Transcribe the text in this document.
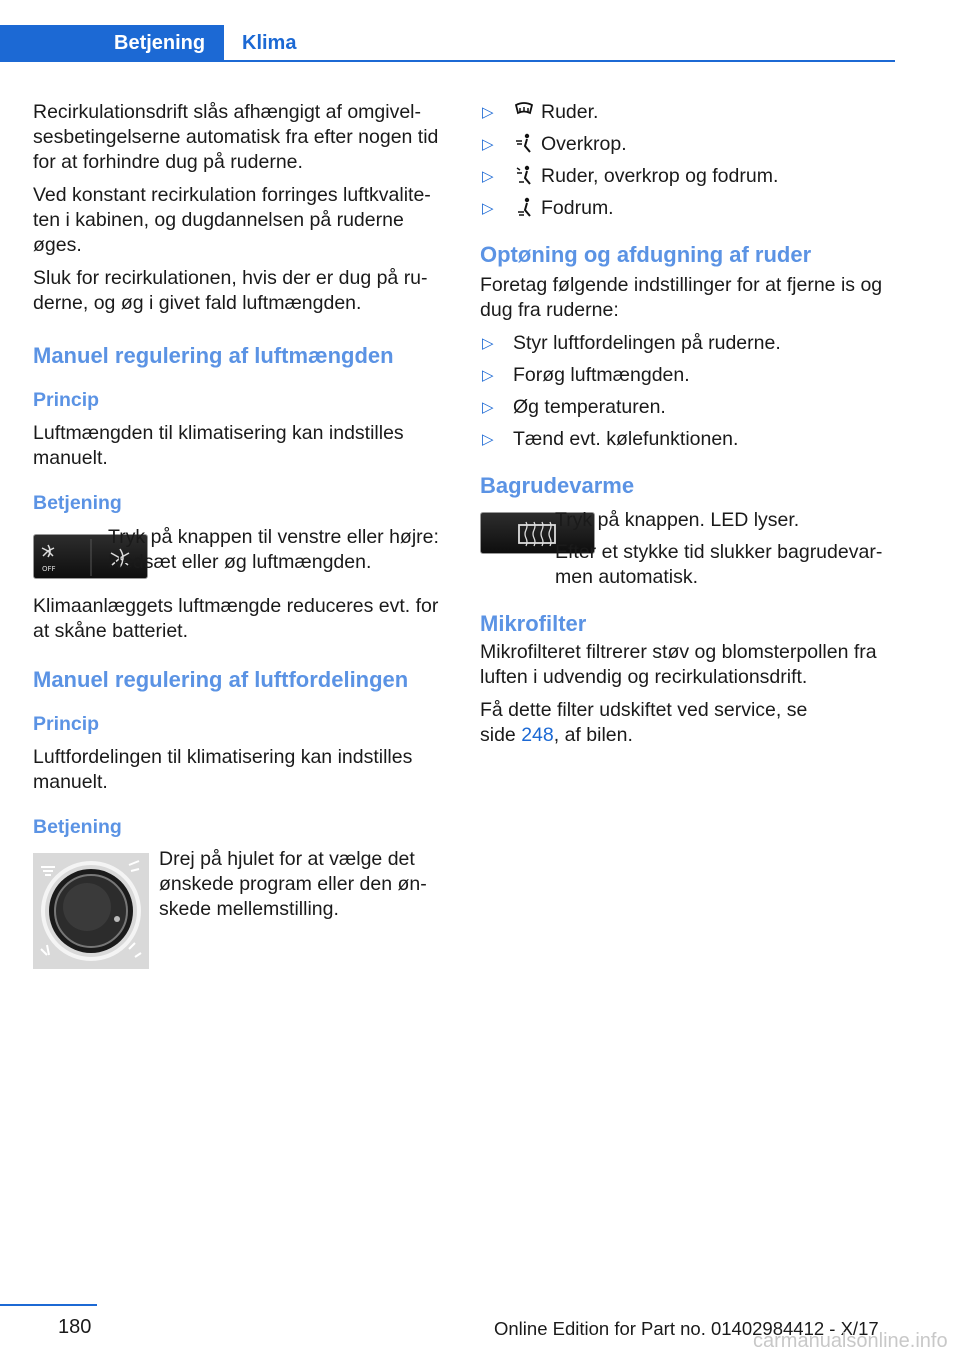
Betjening	Klima

Recirkulationsdrift slås afhængigt af omgivelsesbetingelserne automatisk fra efter nogen tid for at forhindre dug på ruderne.

Ved konstant recirkulation forringes luftkvaliteten i kabinen, og dugdannelsen på ruderne øges.

Sluk for recirkulationen, hvis der er dug på ruderne, og øg i givet fald luftmængden.

Manuel regulering af luftmængden
Princip

Luftmængden til klimatisering kan indstilles manuelt.

Betjening
OFF
Tryk på knappen til venstre eller højre: Nedsæt eller øg luftmængden.

Klimaanlæggets luftmængde reduceres evt. for at skåne batteriet.

Manuel regulering af luftfordelingen
Princip

Luftfordelingen til klimatisering kan indstilles manuelt.

Betjening
Drej på hjulet for at vælge det ønskede program eller den ønskede mellemstilling.
▷ Ruder.
▷ Overkrop.
▷ Ruder, overkrop og fodrum.
▷ Fodrum.
Optøning og afdugning af ruder

Foretag følgende indstillinger for at fjerne is og dug fra ruderne:

▷ Styr luftfordelingen på ruderne.
▷ Forøg luftmængden.
▷ Øg temperaturen.
▷ Tænd evt. kølefunktionen.
Bagrudevarme
Tryk på knappen. LED lyser.
Efter et stykke tid slukker bagrudevarmen automatisk.
Mikrofilter

Mikrofilteret filtrerer støv og blomsterpollen fra luften i udvendig og recirkulationsdrift.

Få dette filter udskiftet ved service, se side 248, af bilen.

180	Online Edition for Part no. 01402984412 - X/17
carmanualsonline.info
